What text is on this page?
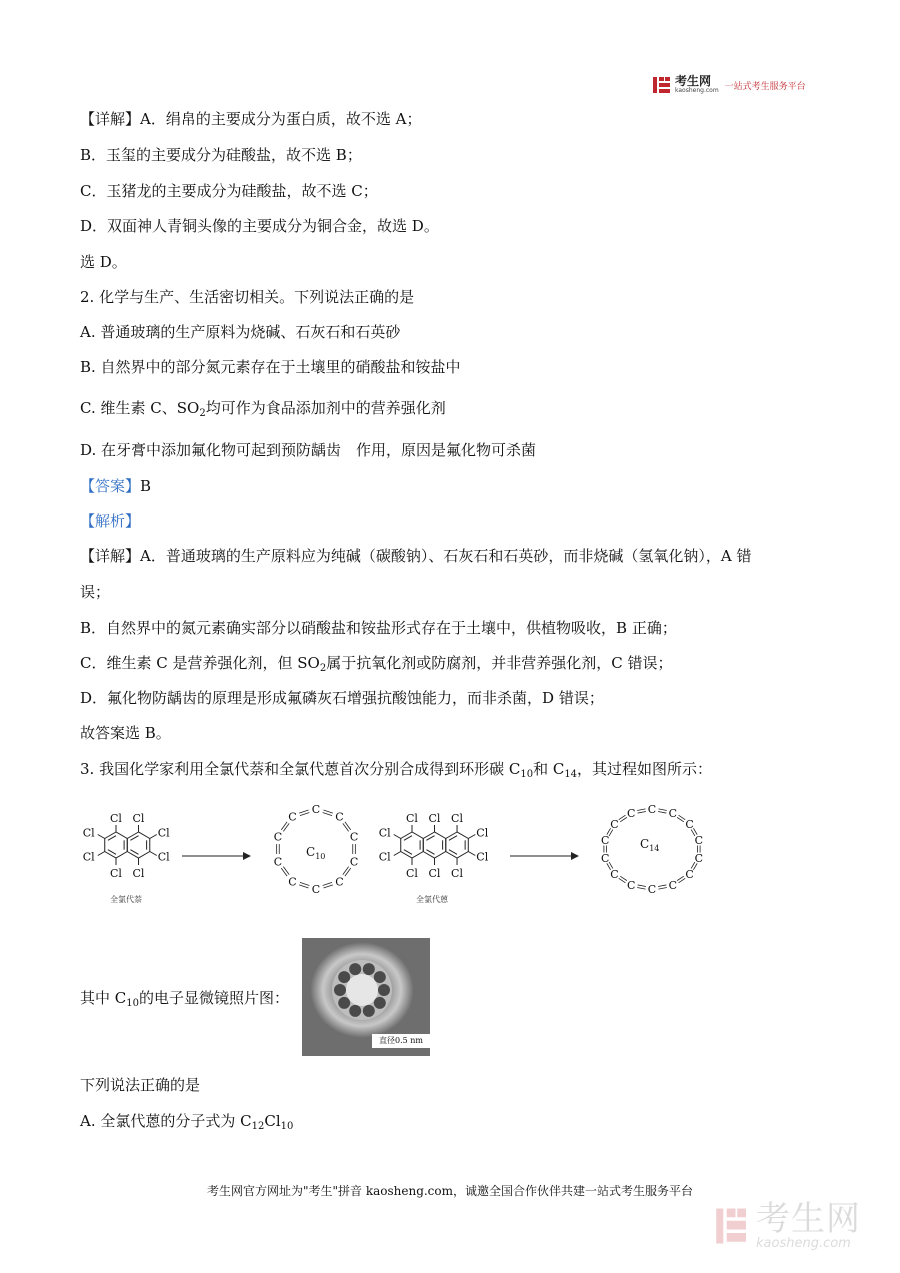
考生网
kaosheng.com 一站式考生服务平台
【详解】A．绢帛的主要成分为蛋白质，故不选 A；
B．玉玺的主要成分为硅酸盐，故不选 B；
C．玉猪龙的主要成分为硅酸盐，故不选 C；
D．双面神人青铜头像的主要成分为铜合金，故选 D。
选 D。
2. 化学与生产、生活密切相关。下列说法正确的是
A. 普通玻璃的生产原料为烧碱、石灰石和石英砂
B. 自然界中的部分氮元素存在于土壤里的硝酸盐和铵盐中
C. 维生素 C、$SO_2$均可作为食品添加剂中的营养强化剂
D. 在牙膏中添加氟化物可起到预防龋齿　作用，原因是氟化物可杀菌
【答案】B
【解析】
【详解】A．普通玻璃的生产原料应为纯碱（碳酸钠）、石灰石和石英砂，而非烧碱（氢氧化钠），A 错
误；
B．自然界中的氮元素确实部分以硝酸盐和铵盐形式存在于土壤中，供植物吸收，B 正确；
C．维生素 C 是营养强化剂，但 $SO_2$属于抗氧化剂或防腐剂，并非营养强化剂，C 错误；
D．氟化物防龋齿的原理是形成氟磷灰石增强抗酸蚀能力，而非杀菌，D 错误；
故答案选 B。
3. 我国化学家利用全氯代萘和全氯代蒽首次分别合成得到环形碳 $C_{10}$和 $C_{14}$，其过程如图所示：
Cl Cl
Cl
Cl
Cl Cl
Cl
Cl
全氯代萘
C
C
C
C
C
C
C
C
C
C
$C_{10}$
Cl Cl Cl
Cl
Cl
Cl Cl Cl
Cl
Cl
全氯代蒽
C C
C
C
C
C
C
C
C
C
C
C
C
C
$C_{14}$
其中 $C_{10}$的电子显微镜照片图：
直径0.5 nm
下列说法正确的是
A. 全氯代蒽的分子式为 $C_{12}Cl_{10}$
考生网官方网址为"考生"拼音 kaosheng.com，诚邀全国合作伙伴共建一站式考生服务平台
考生网
kaosheng.com
